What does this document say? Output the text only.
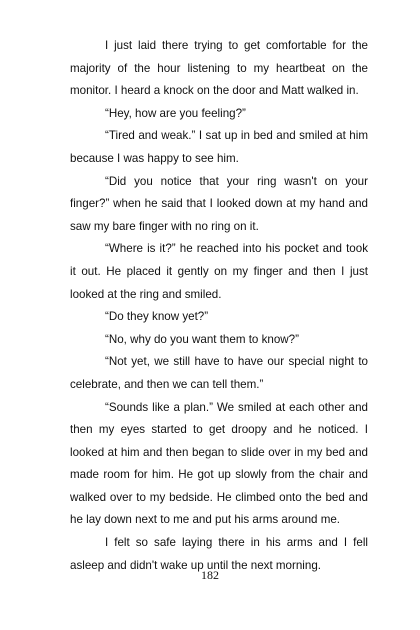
I just laid there trying to get comfortable for the majority of the hour listening to my heartbeat on the monitor. I heard a knock on the door and Matt walked in.

“Hey, how are you feeling?”

“Tired and weak.” I sat up in bed and smiled at him because I was happy to see him.

“Did you notice that your ring wasn't on your finger?” when he said that I looked down at my hand and saw my bare finger with no ring on it.

“Where is it?” he reached into his pocket and took it out. He placed it gently on my finger and then I just looked at the ring and smiled.

“Do they know yet?”

“No, why do you want them to know?”

“Not yet, we still have to have our special night to celebrate, and then we can tell them.”

“Sounds like a plan.” We smiled at each other and then my eyes started to get droopy and he noticed. I looked at him and then began to slide over in my bed and made room for him. He got up slowly from the chair and walked over to my bedside. He climbed onto the bed and he lay down next to me and put his arms around me.

I felt so safe laying there in his arms and I fell asleep and didn't wake up until the next morning.

182
